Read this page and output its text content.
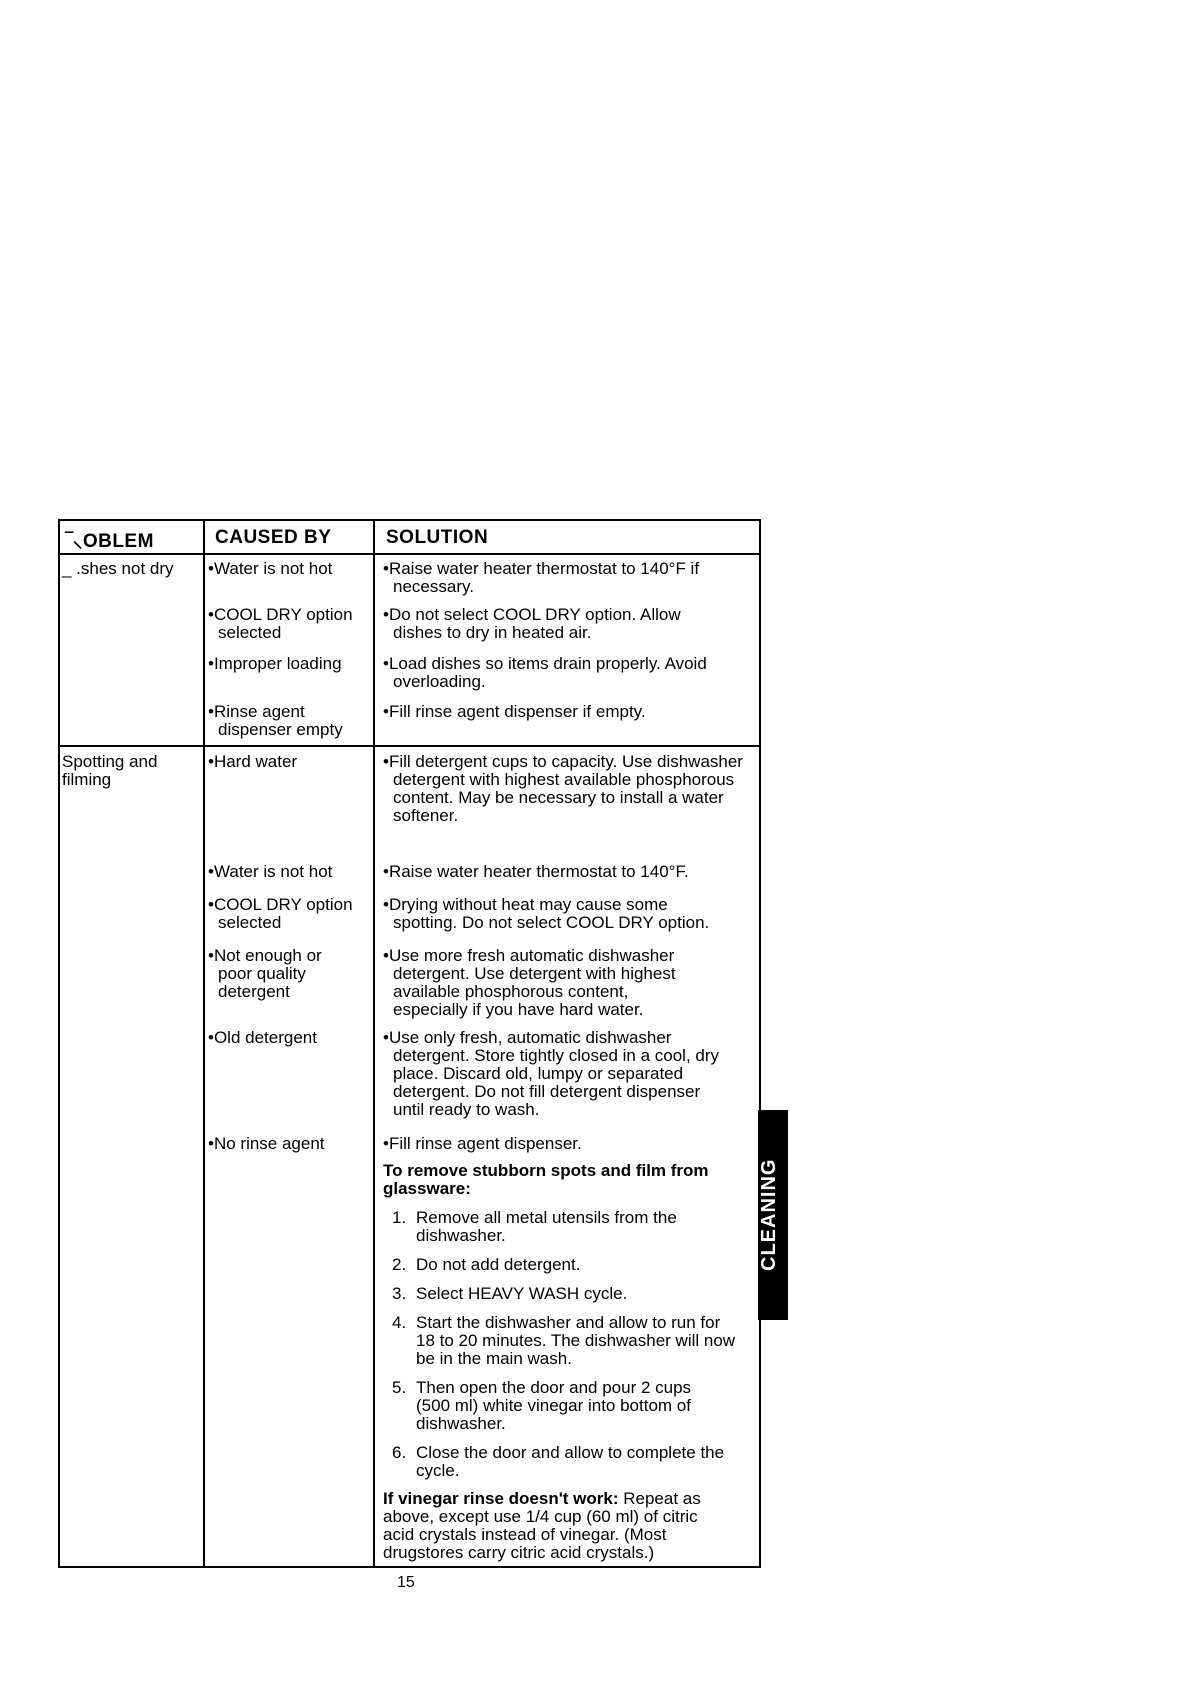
‾⸜OBLEM	CAUSED BY	SOLUTION
_ .shes not dry •Water is not hot
•COOL DRY option
selected
•Improper loading
•Rinse agent
dispenser empty
•Raise water heater thermostat to 140°F if
necessary.
•Do not select COOL DRY option. Allow
dishes to dry in heated air.
•Load dishes so items drain properly. Avoid
overloading.
•Fill rinse agent dispenser if empty.
Spotting and
filming
•Hard water
•Water is not hot
•COOL DRY option
selected
•Not enough or
poor quality
detergent
•Old detergent
•No rinse agent
•Fill detergent cups to capacity. Use dishwasher
detergent with highest available phosphorous
content. May be necessary to install a water
softener.
•Raise water heater thermostat to 140°F.
•Drying without heat may cause some
spotting. Do not select COOL DRY option.
•Use more fresh automatic dishwasher
detergent. Use detergent with highest
available phosphorous content,
especially if you have hard water.
•Use only fresh, automatic dishwasher
detergent. Store tightly closed in a cool, dry
place. Discard old, lumpy or separated
detergent. Do not fill detergent dispenser
until ready to wash.
•Fill rinse agent dispenser.
To remove stubborn spots and film from
glassware:
1. Remove all metal utensils from the
dishwasher.
2. Do not add detergent.
3. Select HEAVY WASH cycle.
4. Start the dishwasher and allow to run for
18 to 20 minutes. The dishwasher will now
be in the main wash.
5. Then open the door and pour 2 cups
(500 ml) white vinegar into bottom of
dishwasher.
6. Close the door and allow to complete the
cycle.
If vinegar rinse doesn't work: Repeat as
above, except use 1/4 cup (60 ml) of citric
acid crystals instead of vinegar. (Most
drugstores carry citric acid crystals.)
15
CLEANING
